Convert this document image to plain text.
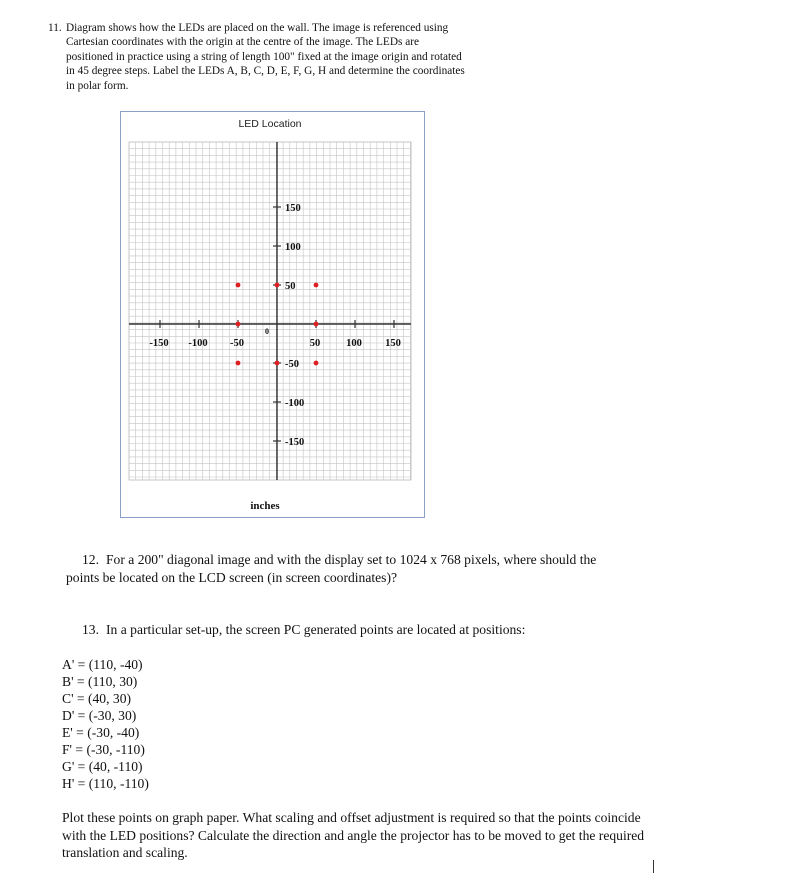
11. Diagram shows how the LEDs are placed on the wall. The image is referenced using Cartesian coordinates with the origin at the centre of the image. The LEDs are positioned in practice using a string of length 100" fixed at the image origin and rotated in 45 degree steps. Label the LEDs A, B, C, D, E, F, G, H and determine the coordinates in polar form.
LED Location
-150 -100 -50	50 100 150
150
100
50
-50
-100
-150
0
inches
12. For a 200" diagonal image and with the display set to 1024 x 768 pixels, where should the points be located on the LCD screen (in screen coordinates)?
13. In a particular set-up, the screen PC generated points are located at positions:
A' = (110, -40)
B' = (110, 30)
C' = (40, 30)
D' = (-30, 30)
E' = (-30, -40)
F' = (-30, -110)
G' = (40, -110)
H' = (110, -110)
Plot these points on graph paper. What scaling and offset adjustment is required so that the points coincide with the LED positions? Calculate the direction and angle the projector has to be moved to get the required translation and scaling.
